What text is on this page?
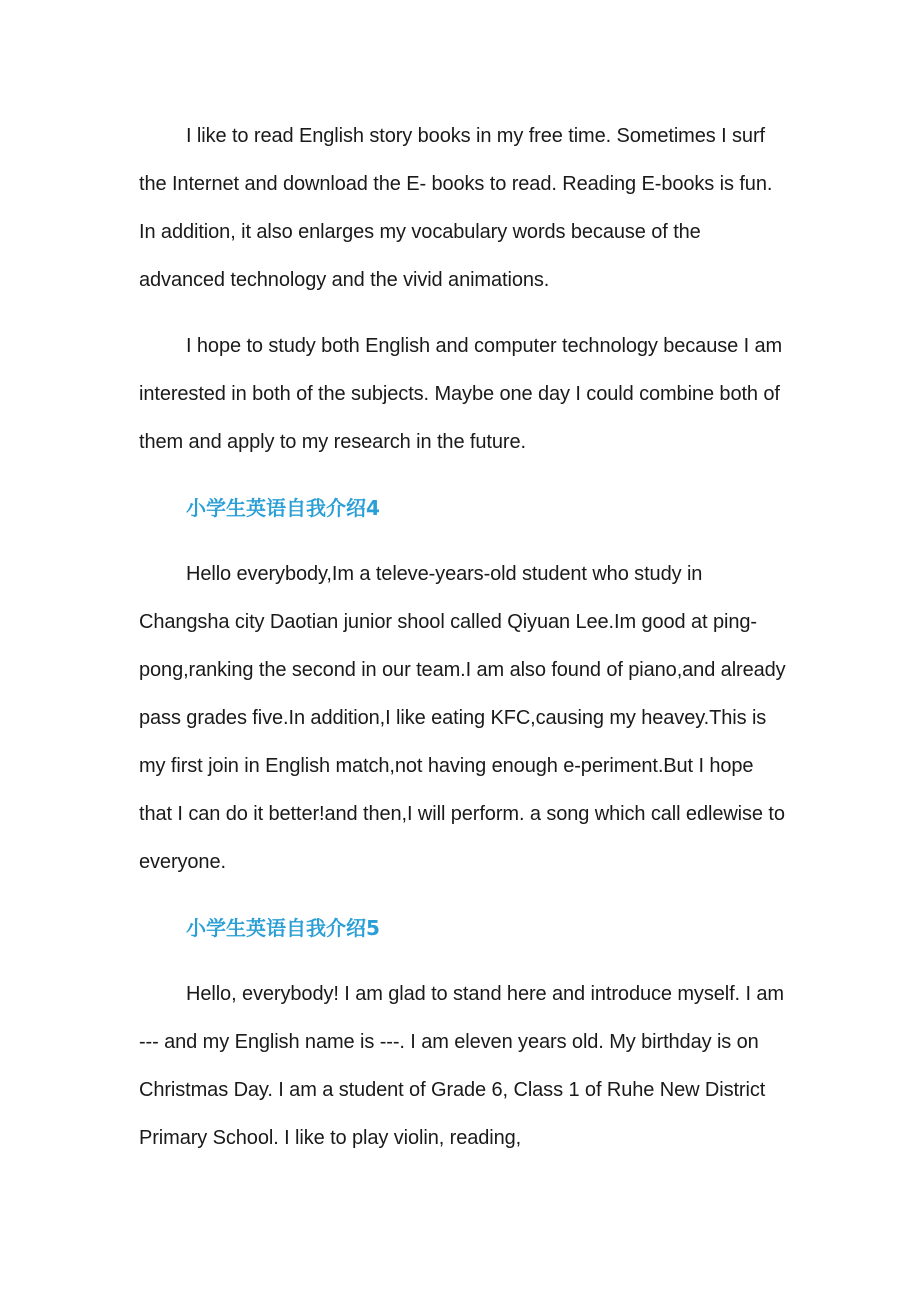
I like to read English story books in my free time. Sometimes I surf the Internet and download the E- books to read. Reading E-books is fun. In addition, it also enlarges my vocabulary words because of the advanced technology and the vivid animations.

I hope to study both English and computer technology because I am interested in both of the subjects. Maybe one day I could combine both of them and apply to my research in the future.

小学生英语自我介绍4

Hello everybody,Im a televe-years-old student who study in Changsha city Daotian junior shool called Qiyuan Lee.Im good at ping-pong,ranking the second in our team.I am also found of piano,and already pass grades five.In addition,I like eating KFC,causing my heavey.This is my first join in English match,not having enough e-periment.But I hope that I can do it better!and then,I will perform. a song which call edlewise to everyone.

小学生英语自我介绍5

Hello, everybody! I am glad to stand here and introduce myself. I am --- and my English name is ---. I am eleven years old. My birthday is on Christmas Day. I am a student of Grade 6, Class 1 of Ruhe New District Primary School. I like to play violin, reading,
